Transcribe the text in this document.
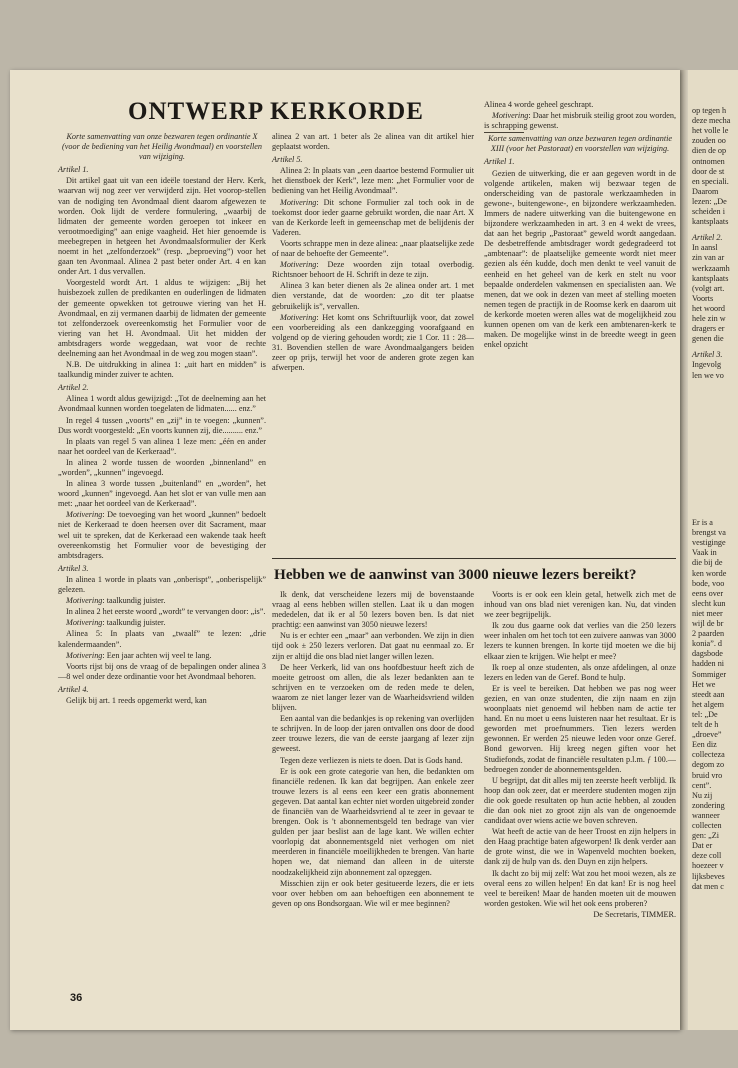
ONTWERP KERKORDE

Korte samenvatting van onze bezwaren tegen ordinantie X (voor de bediening van het Heilig Avondmaal) en voorstellen van wijziging.

Artikel 1.

Dit artikel gaat uit van een ideële toestand der Herv. Kerk, waarvan wij nog zeer ver verwijderd zijn. Het voorop-stellen van de nodiging ten Avondmaal dient daarom afgewezen te worden. Ook lijdt de verdere formulering, „waarbij de lidmaten der gemeente worden geroepen tot inkeer en verootmoediging” aan enige vaagheid. Het hier genoemde is meebegrepen in hetgeen het Avondmaalsformulier der Kerk noemt in het „zelfonderzoek” (resp. „beproeving”) voor het gaan ten Avonmaal. Alinea 2 past beter onder Art. 4 en kan onder Art. 1 dus vervallen.

Voorgesteld wordt Art. 1 aldus te wijzigen: „Bij het huisbezoek zullen de predikanten en ouderlingen de lidmaten der gemeente opwekken tot getrouwe viering van het H. Avondmaal, en zij vermanen daarbij de lidmaten der gemeente tot zelfonderzoek overeenkomstig het Formulier voor de viering van het H. Avondmaal. Uit het midden der ambtsdragers worde weggedaan, wat voor de rechte deelneming aan het Avondmaal in de weg zou mogen staan”.

N.B. De uitdrukking in alinea 1: „uit hart en midden” is taalkundig minder zuiver te achten.

Artikel 2.

Alinea 1 wordt aldus gewijzigd: „Tot de deelneming aan het Avondmaal kunnen worden toegelaten de lidmaten...... enz.”

In regel 4 tussen „voorts” en „zij” in te voegen: „kunnen”. Dus wordt voorgesteld: „En voorts kunnen zij, die.......... enz.”

In plaats van regel 5 van alinea 1 leze men: „één en ander naar het oordeel van de Kerkeraad”.

In alinea 2 worde tussen de woorden „binnenland” en „worden”, „kunnen” ingevoegd.

In alinea 3 worde tussen „buitenland” en „worden”, het woord „kunnen” ingevoegd. Aan het slot er van vulle men aan met: „naar het oordeel van de Kerkeraad”.

Motivering: De toevoeging van het woord „kunnen” bedoelt niet de Kerkeraad te doen heersen over dit Sacrament, maar wel uit te spreken, dat de Kerkeraad een wakende taak heeft overeenkomstig het Formulier voor de bevestiging der ambtsdragers.

Artikel 3.

In alinea 1 worde in plaats van „onberispt”, „onberispelijk” gelezen.

Motivering: taalkundig juister.

In alinea 2 het eerste woord „wordt” te vervangen door: „is”.

Motivering: taalkundig juister.

Alinea 5: In plaats van „twaalf” te lezen: „drie kalendermaanden”.

Motivering: Een jaar achten wij veel te lang.

Voorts rijst bij ons de vraag of de bepalingen onder alinea 3—8 wel onder deze ordinantie voor het Avondmaal behoren.

Artikel 4.

Gelijk bij art. 1 reeds opgemerkt werd, kan

alinea 2 van art. 1 beter als 2e alinea van dit artikel hier geplaatst worden.

Artikel 5.

Alinea 2: In plaats van „een daartoe bestemd Formulier uit het dienstboek der Kerk”, leze men: „het Formulier voor de bediening van het Heilig Avondmaal”.

Motivering: Dit schone Formulier zal toch ook in de toekomst door ieder gaarne gebruikt worden, die naar Art. X van de Kerkorde leeft in gemeenschap met de belijdenis der Vaderen.

Voorts schrappe men in deze alinea: „naar plaatselijke zede of naar de behoefte der Gemeente”.

Motivering: Deze woorden zijn totaal overbodig. Richtsnoer behoort de H. Schrift in deze te zijn.

Alinea 3 kan beter dienen als 2e alinea onder art. 1 met dien verstande, dat de woorden: „zo dit ter plaatse gebruikelijk is”, vervallen.

Motivering: Het komt ons Schriftuurlijk voor, dat zowel een voorbereiding als een dankzegging voorafgaand en volgend op de viering gehouden wordt; zie 1 Cor. 11 : 28—31. Bovendien stellen de ware Avondmaalgangers beiden zeer op prijs, terwijl het voor de anderen grote zegen kan afwerpen.

Alinea 4 worde geheel geschrapt.

Motivering: Daar het misbruik steilig groot zou worden, is schrapping gewenst.

Korte samenvatting van onze bezwaren tegen ordinantie XIII (voor het Pastoraat) en voorstellen van wijziging.

Artikel 1.

Gezien de uitwerking, die er aan gegeven wordt in de volgende artikelen, maken wij bezwaar tegen de onderscheiding van de pastorale werkzaamheden in gewone-, buitengewone-, en bijzondere werkzaamheden. Immers de nadere uitwerking van die buitengewone en bijzondere werkzaamheden in art. 3 en 4 wekt de vrees, dat aan het begrip „Pastoraat” geweld wordt aangedaan. De desbetreffende ambtsdrager wordt gedegradeerd tot „ambtenaar”: de plaatselijke gemeente wordt niet meer gezien als één kudde, doch men denkt te veel vanuit de eenheid en het geheel van de kerk en stelt nu voor bepaalde onderdelen vakmensen en specialisten aan. We menen, dat we ook in dezen van meet af stelling moeten nemen tegen de practijk in de Roomse kerk en daarom uit de kerkorde moeten weren alles wat de mogelijkheid zou kunnen openen om van de kerk een ambtenaren-kerk te maken. De mogelijke winst in de breedte weegt in geen enkel opzicht

Hebben we de aanwinst van 3000 nieuwe lezers bereikt?

Ik denk, dat verscheidene lezers mij de bovenstaande vraag al eens hebben willen stellen. Laat ik u dan mogen mededelen, dat ik er al 50 lezers boven ben. Is dat niet prachtig: een aanwinst van 3050 nieuwe lezers!

Nu is er echter een „maar” aan verbonden. We zijn in dien tijd ook ± 250 lezers verloren. Dat gaat nu eenmaal zo. Er zijn er altijd die ons blad niet langer willen lezen.

De heer Verkerk, lid van ons hoofdbestuur heeft zich de moeite getroost om allen, die als lezer bedankten aan te schrijven en te verzoeken om de reden mede te delen, waarom ze niet langer lezer van de Waarheidsvriend wilden blijven.

Een aantal van die bedankjes is op rekening van overlijden te schrijven. In de loop der jaren ontvallen ons door de dood zeer trouwe lezers, die van de eerste jaargang af lezer zijn geweest.

Tegen deze verliezen is niets te doen. Dat is Gods hand.

Er is ook een grote categorie van hen, die bedankten om financiële redenen. Ik kan dat begrijpen. Aan enkele zeer trouwe lezers is al eens een keer een gratis abonnement gegeven. Dat aantal kan echter niet worden uitgebreid zonder de financiën van de Waarheidsvriend al te zeer in gevaar te brengen. Ook is 't abonnementsgeld ten bedrage van vier gulden per jaar beslist aan de lage kant. We willen echter voorlopig dat abonnementsgeld niet verhogen om niet meerderen in financiële moeilijkheden te brengen. Van harte hopen we, dat niemand dan alleen in de uiterste noodzakelijkheid zijn abonnement zal opzeggen.

Misschien zijn er ook beter gesitueerde lezers, die er iets voor over hebben om aan behoeftigen een abonnement te geven op ons Bondsorgaan. Wie wil er mee beginnen?

Voorts is er ook een klein getal, hetwelk zich met de inhoud van ons blad niet verenigen kan. Nu, dat vinden we zeer begrijpelijk.

Ik zou dus gaarne ook dat verlies van die 250 lezers weer inhalen om het toch tot een zuivere aanwas van 3000 lezers te kunnen brengen. In korte tijd moeten we die bij elkaar zien te krijgen. Wie helpt er mee?

Ik roep al onze studenten, als onze afdelingen, al onze lezers en leden van de Geref. Bond te hulp.

Er is veel te bereiken. Dat hebben we pas nog weer gezien, en van onze studenten, die zijn naam en zijn woonplaats niet genoemd wil hebben nam de actie ter hand. En nu moet u eens luisteren naar het resultaat. Er is geworden met proefnummers. Tien lezers werden gewonnen. Er werden 25 nieuwe leden voor onze Geref. Bond geworven. Hij kreeg negen giften voor het Studiefonds, zodat de financiële resultaten p.l.m. ƒ 100.— bedroegen zonder de abonnementsgelden.

U begrijpt, dat dit alles mij ten zeerste heeft verblijd. Ik hoop dan ook zeer, dat er meerdere studenten mogen zijn die ook goede resultaten op hun actie hebben, al zouden die dan ook niet zo groot zijn als van de ongenoemde candidaat over wiens actie we boven schreven.

Wat heeft de actie van de heer Troost en zijn helpers in den Haag prachtige baten afgeworpen! Ik denk verder aan de grote winst, die we in Wapenveld mochten boeken, dank zij de hulp van ds. den Duyn en zijn helpers.

Ik dacht zo bij mij zelf: Wat zou het mooi wezen, als ze overal eens zo willen helpen! En dat kan! Er is nog heel veel te bereiken! Maar de handen moeten uit de mouwen worden gestoken. Wie wil het ook eens proberen?

De Secretaris, TIMMER.

36
op tegen h
deze mecha
het volle le
zouden oo
dien de op
ontnomen
door de st
en speciali.
Daarom
lezen: „De
scheiden i
kantsplaats
Artikel 2.
In aansl
zin van ar
werkzaamh
kantsplaats
(volgt art.
Voorts
het woord
hele zin w
dragers er
genen die
Artikel 3.
Ingevolg
len we vo
Er is a
brengst va
vestiginge
Vaak in
die bij de
ken worde
bode, voo
eens over
slecht kun
niet meer
wijl de br
2 paarden
konia”. d
dagsbode
hadden ni
Sommiger
Het we
steedt aan
het algem
tel: „De
telt de h
„droeve”
Een diz
collecteza
degom zo
bruid vro
cent”.
Nu zij
zondering
wanneer
collecten
gen: „Zi
Dat er
deze coll
hoezeer v
lijksbeves
dat men c
